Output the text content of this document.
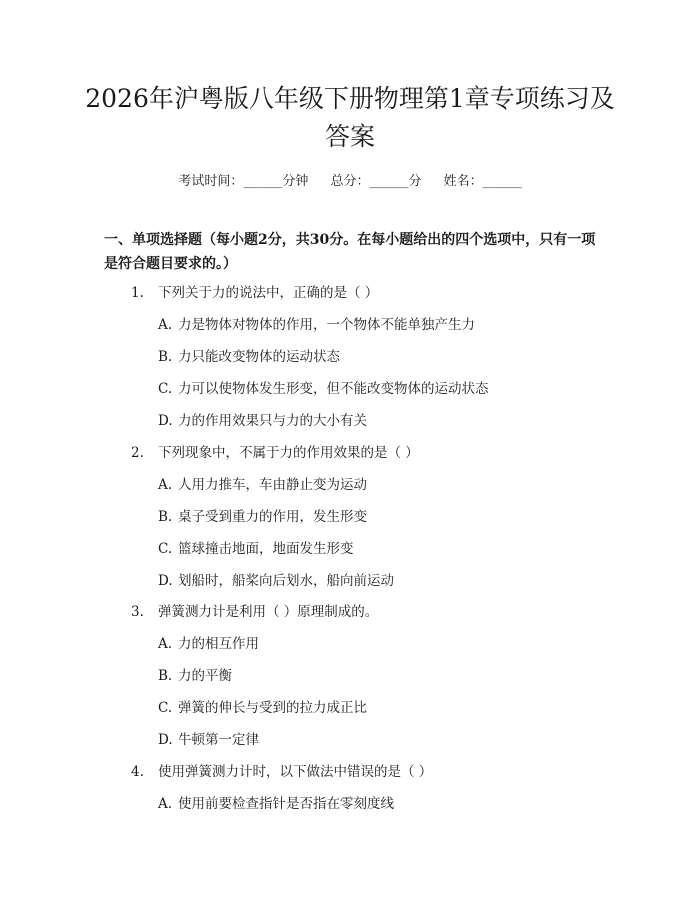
2026年沪粤版八年级下册物理第1章专项练习及答案
考试时间：______分钟 总分：______分 姓名：______

一、单项选择题（每小题2分，共30分。在每小题给出的四个选项中，只有一项是符合题目要求的。）

1. 下列关于力的说法中，正确的是（ ）
A. 力是物体对物体的作用，一个物体不能单独产生力
B. 力只能改变物体的运动状态
C. 力可以使物体发生形变，但不能改变物体的运动状态
D. 力的作用效果只与力的大小有关
2. 下列现象中，不属于力的作用效果的是（ ）
A. 人用力推车，车由静止变为运动
B. 桌子受到重力的作用，发生形变
C. 篮球撞击地面，地面发生形变
D. 划船时，船桨向后划水，船向前运动
3. 弹簧测力计是利用（ ）原理制成的。
A. 力的相互作用
B. 力的平衡
C. 弹簧的伸长与受到的拉力成正比
D. 牛顿第一定律
4. 使用弹簧测力计时，以下做法中错误的是（ ）
A. 使用前要检查指针是否指在零刻度线
